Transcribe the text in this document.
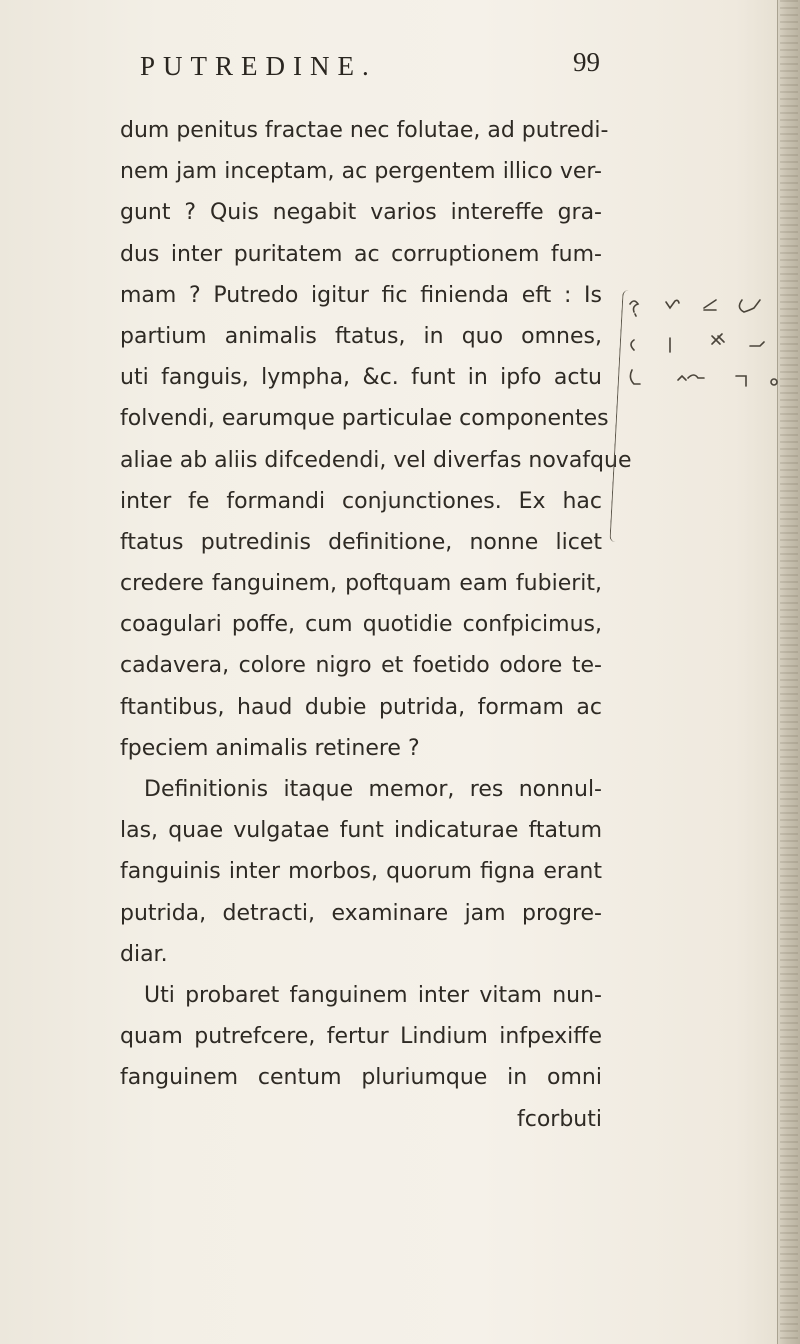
PUTREDINE.	99
dum penitus fractae nec folutae, ad putredi-
nem jam inceptam, ac pergentem illico ver-
gunt ? Quis negabit varios intereffe gra-
dus inter puritatem ac corruptionem fum-
mam ? Putredo igitur fic finienda eft : Is
partium animalis ftatus, in quo omnes,
uti fanguis, lympha, &c. funt in ipfo actu
folvendi, earumque particulae componentes
aliae ab aliis difcedendi, vel diverfas novafque
inter fe formandi conjunctiones. Ex hac
ftatus putredinis definitione, nonne licet
credere fanguinem, poftquam eam fubierit,
coagulari poffe, cum quotidie confpicimus,
cadavera, colore nigro et foetido odore te-
ftantibus, haud dubie putrida, formam ac
fpeciem animalis retinere ?
Definitionis itaque memor, res nonnul-
las, quae vulgatae funt indicaturae ftatum
fanguinis inter morbos, quorum figna erant
putrida, detracti, examinare jam progre-
diar.
Uti probaret fanguinem inter vitam nun-
quam putrefcere, fertur Lindium infpexiffe
fanguinem centum pluriumque in omni
fcorbuti
